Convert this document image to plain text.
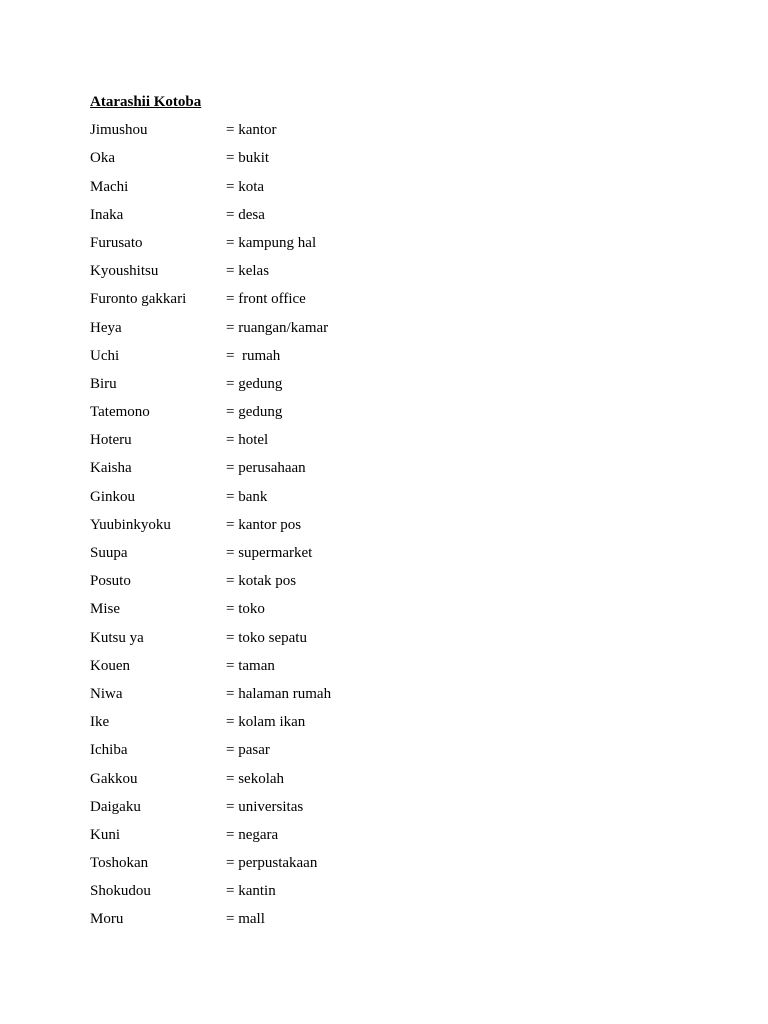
Atarashii Kotoba
Jimushou	= kantor
Oka	= bukit
Machi	= kota
Inaka	= desa
Furusato	= kampung hal
Kyoushitsu	= kelas
Furonto gakkari	= front office
Heya	= ruangan/kamar
Uchi	=  rumah
Biru	= gedung
Tatemono	= gedung
Hoteru	= hotel
Kaisha	= perusahaan
Ginkou	= bank
Yuubinkyoku	= kantor pos
Suupa	= supermarket
Posuto	= kotak pos
Mise	= toko
Kutsu ya	= toko sepatu
Kouen	= taman
Niwa	= halaman rumah
Ike	= kolam ikan
Ichiba	= pasar
Gakkou	= sekolah
Daigaku	= universitas
Kuni	= negara
Toshokan	= perpustakaan
Shokudou	= kantin
Moru	= mall
